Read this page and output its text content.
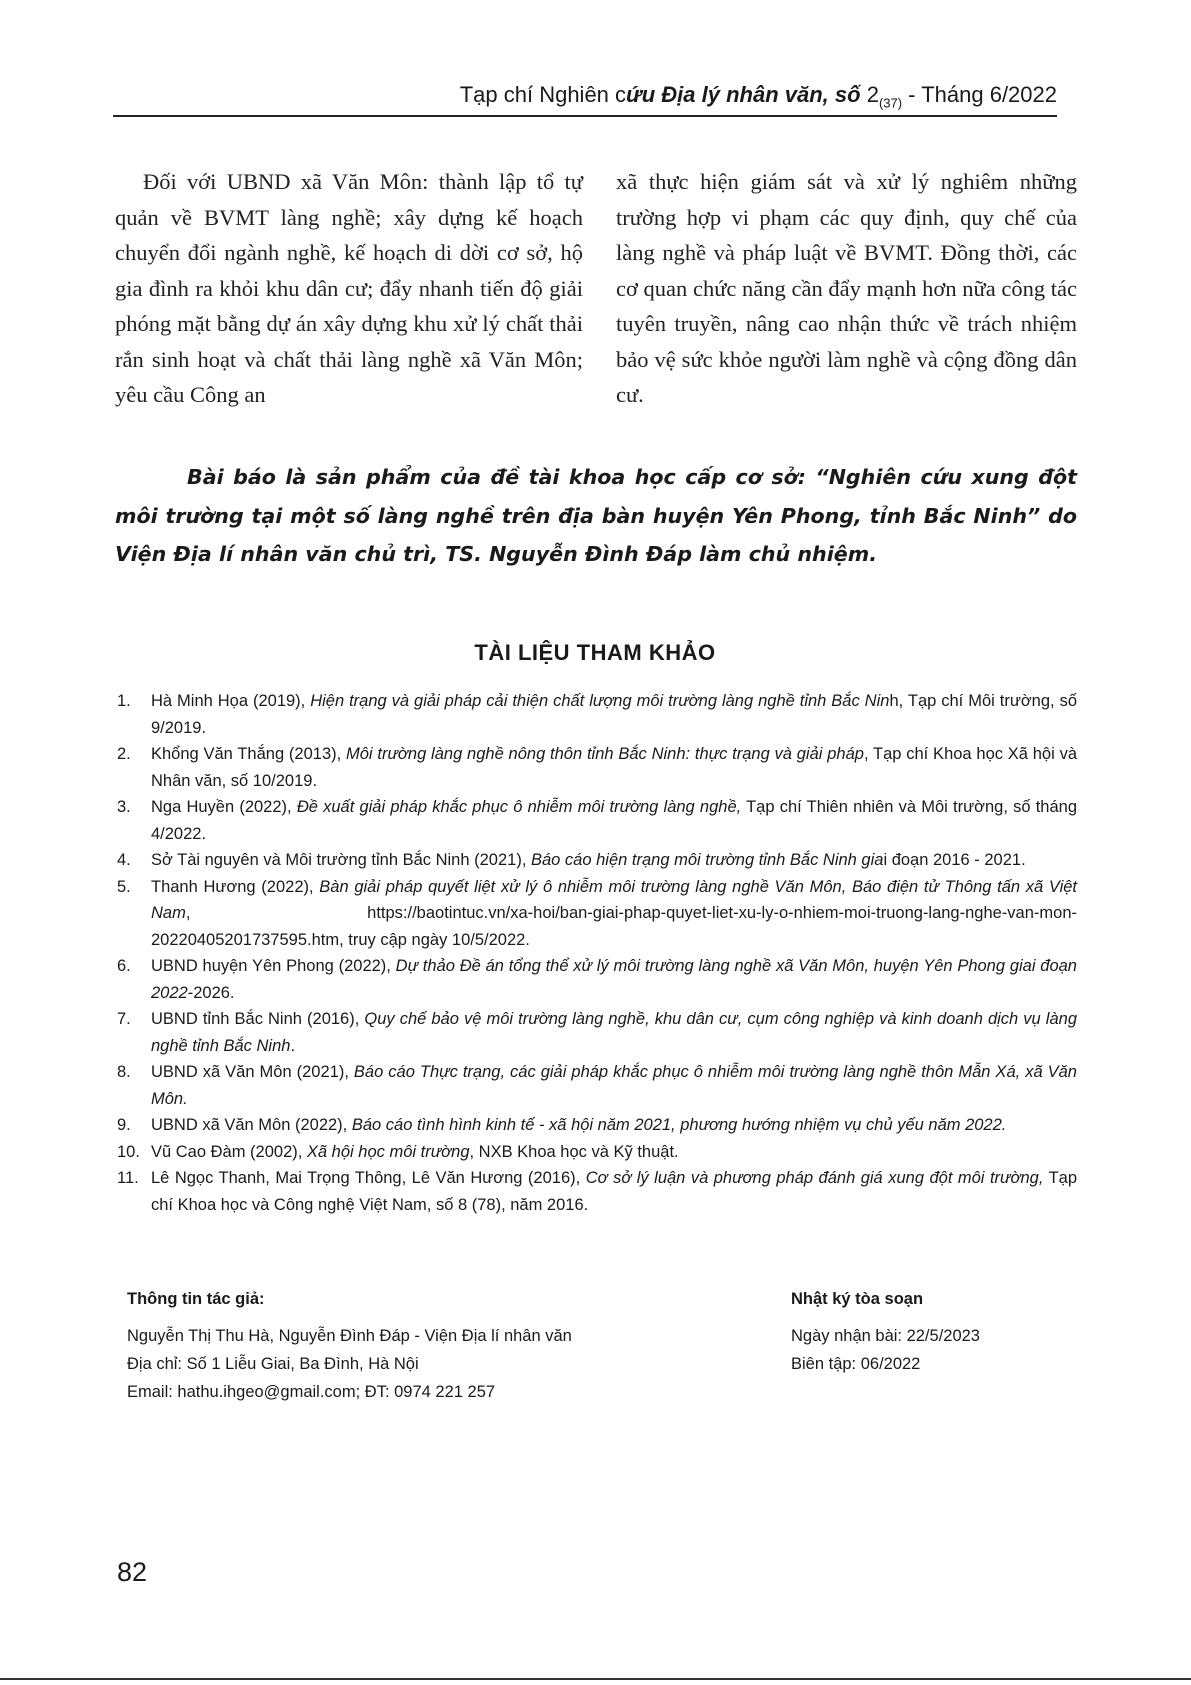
Tạp chí Nghiên cứu Địa lý nhân văn, số $2_{(37)}$ - Tháng 6/2022

Đối với UBND xã Văn Môn: thành lập tổ tự quản về BVMT làng nghề; xây dựng kế hoạch chuyển đổi ngành nghề, kế hoạch di dời cơ sở, hộ gia đình ra khỏi khu dân cư; đẩy nhanh tiến độ giải phóng mặt bằng dự án xây dựng khu xử lý chất thải rắn sinh hoạt và chất thải làng nghề xã Văn Môn; yêu cầu Công an

xã thực hiện giám sát và xử lý nghiêm những trường hợp vi phạm các quy định, quy chế của làng nghề và pháp luật về BVMT. Đồng thời, các cơ quan chức năng cần đẩy mạnh hơn nữa công tác tuyên truyền, nâng cao nhận thức về trách nhiệm bảo vệ sức khỏe người làm nghề và cộng đồng dân cư.

Bài báo là sản phẩm của đề tài khoa học cấp cơ sở: “Nghiên cứu xung đột môi trường tại một số làng nghề trên địa bàn huyện Yên Phong, tỉnh Bắc Ninh” do Viện Địa lí nhân văn chủ trì, TS. Nguyễn Đình Đáp làm chủ nhiệm.

TÀI LIỆU THAM KHẢO
1. Hà Minh Họa (2019), Hiện trạng và giải pháp cải thiện chất lượng môi trường làng nghề tỉnh Bắc Ninh, Tạp chí Môi trường, số 9/2019.
2. Khổng Văn Thắng (2013), Môi trường làng nghề nông thôn tỉnh Bắc Ninh: thực trạng và giải pháp, Tạp chí Khoa học Xã hội và Nhân văn, số 10/2019.
3. Nga Huyền (2022), Đề xuất giải pháp khắc phục ô nhiễm môi trường làng nghề, Tạp chí Thiên nhiên và Môi trường, số tháng 4/2022.
4. Sở Tài nguyên và Môi trường tỉnh Bắc Ninh (2021), Báo cáo hiện trạng môi trường tỉnh Bắc Ninh giai đoạn 2016 - 2021.
5. Thanh Hương (2022), Bàn giải pháp quyết liệt xử lý ô nhiễm môi trường làng nghề Văn Môn, Báo điện tử Thông tấn xã Việt Nam, https://baotintuc.vn/xa-hoi/ban-giai-phap-quyet-liet-xu-ly-o-nhiem-moi-truong-lang-nghe-van-mon-20220405201737595.htm, truy cập ngày 10/5/2022.
6. UBND huyện Yên Phong (2022), Dự thảo Đề án tổng thể xử lý môi trường làng nghề xã Văn Môn, huyện Yên Phong giai đoạn 2022-2026.
7. UBND tỉnh Bắc Ninh (2016), Quy chế bảo vệ môi trường làng nghề, khu dân cư, cụm công nghiệp và kinh doanh dịch vụ làng nghề tỉnh Bắc Ninh.
8. UBND xã Văn Môn (2021), Báo cáo Thực trạng, các giải pháp khắc phục ô nhiễm môi trường làng nghề thôn Mẫn Xá, xã Văn Môn.
9. UBND xã Văn Môn (2022), Báo cáo tình hình kinh tế - xã hội năm 2021, phương hướng nhiệm vụ chủ yếu năm 2022.
10. Vũ Cao Đàm (2002), Xã hội học môi trường, NXB Khoa học và Kỹ thuật.
11. Lê Ngọc Thanh, Mai Trọng Thông, Lê Văn Hương (2016), Cơ sở lý luận và phương pháp đánh giá xung đột môi trường, Tạp chí Khoa học và Công nghệ Việt Nam, số 8 (78), năm 2016.
Thông tin tác giả:
Nguyễn Thị Thu Hà, Nguyễn Đình Đáp - Viện Địa lí nhân văn
Địa chỉ: Số 1 Liễu Giai, Ba Đình, Hà Nội
Email: hathu.ihgeo@gmail.com; ĐT: 0974 221 257
Nhật ký tòa soạn
Ngày nhận bài: 22/5/2023
Biên tập: 06/2022
82
